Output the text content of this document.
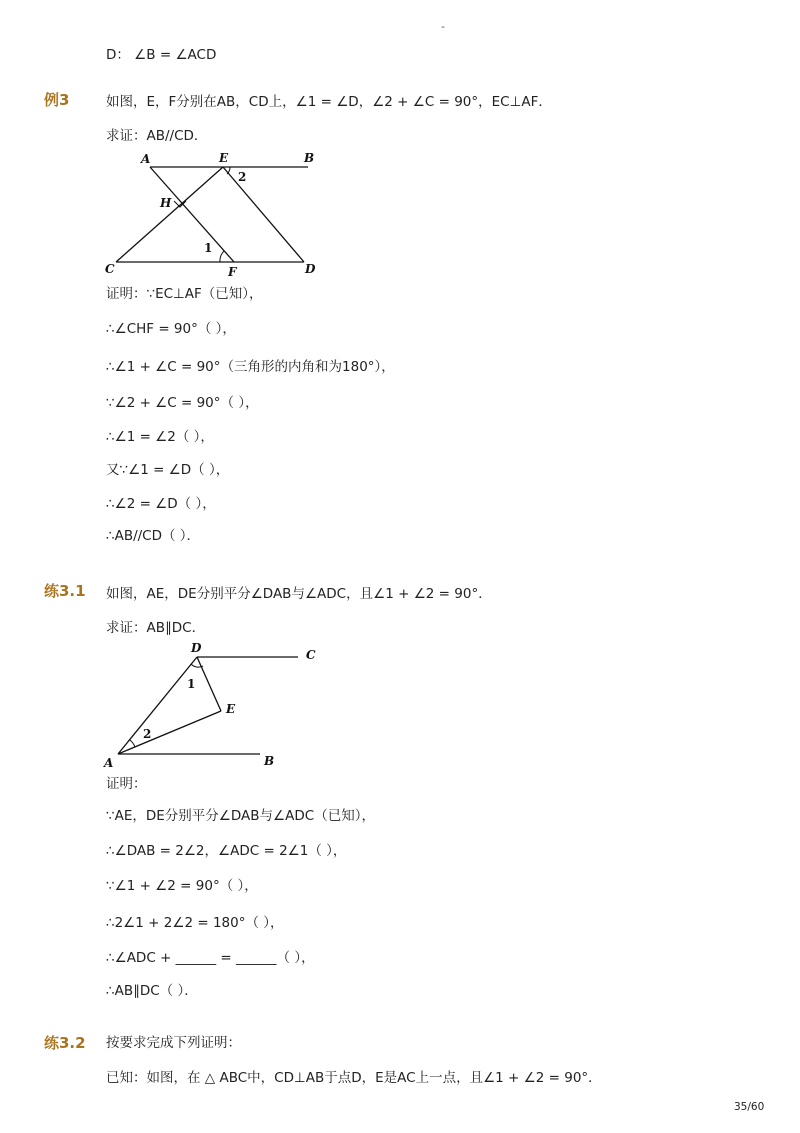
-
D： ∠B = ∠ACD
例3	如图，E，F分别在AB，CD上，∠1 = ∠D，∠2 + ∠C = 90°，EC⊥AF．
求证：AB//CD．
A	E	B
H
C	F	D
1
2
证明：∵EC⊥AF（已知），
∴∠CHF = 90°（ ），
∴∠1 + ∠C = 90°（三角形的内角和为180°），
∵∠2 + ∠C = 90°（ ），
∴∠1 = ∠2（ ），
又∵∠1 = ∠D（ ），
∴∠2 = ∠D（ ），
∴AB//CD（ ）．
练3.1 如图，AE，DE分别平分∠DAB与∠ADC，且∠1 + ∠2 = 90°．
求证：AB∥DC．
D	C
E
A	B
1
2
证明：
∵AE，DE分别平分∠DAB与∠ADC（已知），
∴∠DAB = 2∠2，∠ADC = 2∠1（ ），
∵∠1 + ∠2 = 90°（ ），
∴2∠1 + 2∠2 = 180°（ ），
∴∠ADC + ______ = ______（ ），
∴AB∥DC（ ）．
练3.2 按要求完成下列证明：
已知：如图，在 △ ABC中，CD⊥AB于点D，E是AC上一点，且∠1 + ∠2 = 90°．
35/60
